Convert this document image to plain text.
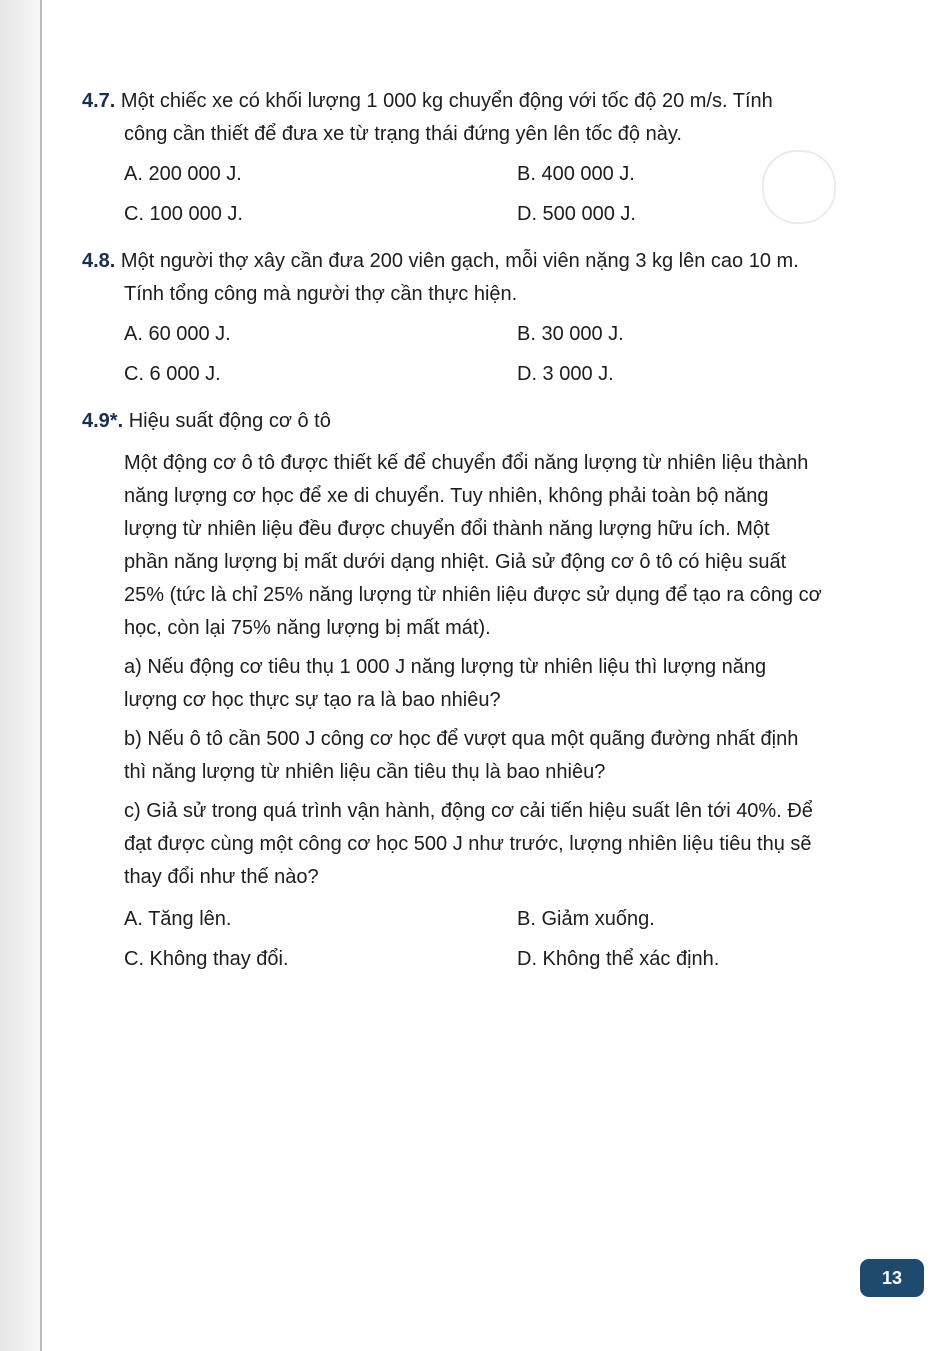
4.7. Một chiếc xe có khối lượng 1 000 kg chuyển động với tốc độ 20 m/s. Tính
công cần thiết để đưa xe từ trạng thái đứng yên lên tốc độ này.
A. 200 000 J.	B. 400 000 J.
C. 100 000 J.	D. 500 000 J.
4.8. Một người thợ xây cần đưa 200 viên gạch, mỗi viên nặng 3 kg lên cao 10 m.
Tính tổng công mà người thợ cần thực hiện.
A. 60 000 J.	B. 30 000 J.
C. 6 000 J.	D. 3 000 J.
4.9*. Hiệu suất động cơ ô tô
Một động cơ ô tô được thiết kế để chuyển đổi năng lượng từ nhiên liệu thành
năng lượng cơ học để xe di chuyển. Tuy nhiên, không phải toàn bộ năng
lượng từ nhiên liệu đều được chuyển đổi thành năng lượng hữu ích. Một
phần năng lượng bị mất dưới dạng nhiệt. Giả sử động cơ ô tô có hiệu suất
25% (tức là chỉ 25% năng lượng từ nhiên liệu được sử dụng để tạo ra công cơ
học, còn lại 75% năng lượng bị mất mát).
a) Nếu động cơ tiêu thụ 1 000 J năng lượng từ nhiên liệu thì lượng năng
lượng cơ học thực sự tạo ra là bao nhiêu?
b) Nếu ô tô cần 500 J công cơ học để vượt qua một quãng đường nhất định
thì năng lượng từ nhiên liệu cần tiêu thụ là bao nhiêu?
c) Giả sử trong quá trình vận hành, động cơ cải tiến hiệu suất lên tới 40%. Để
đạt được cùng một công cơ học 500 J như trước, lượng nhiên liệu tiêu thụ sẽ
thay đổi như thế nào?
A. Tăng lên.	B. Giảm xuống.
C. Không thay đổi.	D. Không thể xác định.
13
